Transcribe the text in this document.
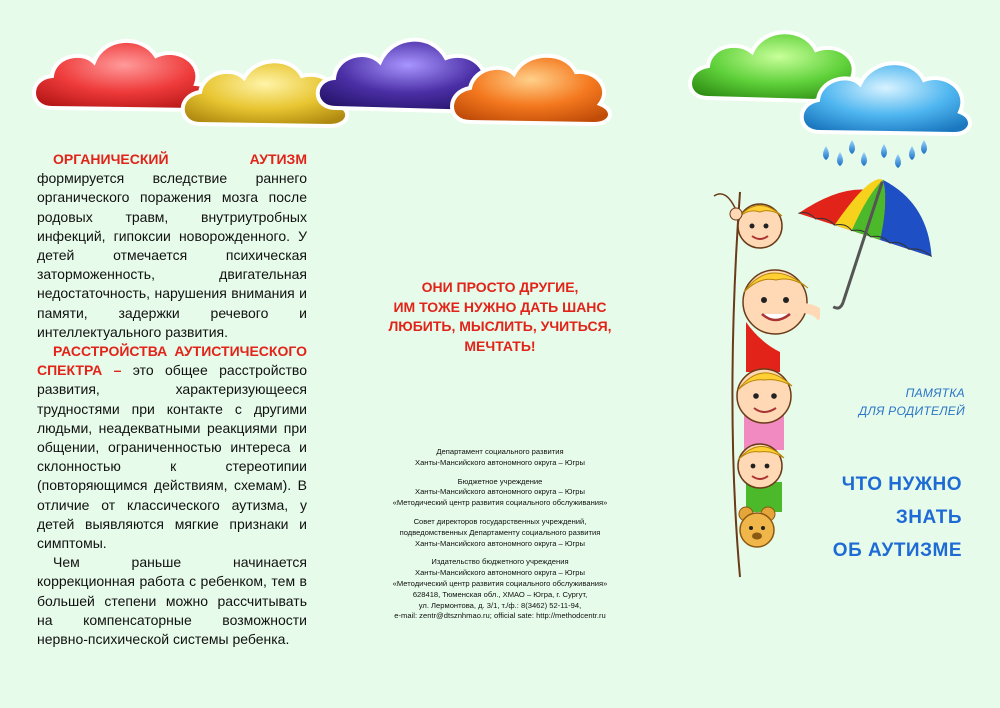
ОРГАНИЧЕСКИЙ АУТИЗМ формируется вследствие раннего органического поражения мозга после родовых травм, внутриутробных инфекций, гипоксии новорожденного. У детей отмечается психическая заторможенность, двигательная недостаточность, нарушения внимания и памяти, задержки речевого и интеллектуального развития.

РАССТРОЙСТВА АУТИСТИЧЕСКОГО СПЕКТРА – это общее расстройство развития, характеризующееся трудностями при контакте с другими людьми, неадекватными реакциями при общении, ограниченностью интереса и склонностью к стереотипии (повторяющимся действиям, схемам). В отличие от классического аутизма, у детей выявляются мягкие признаки и симптомы.

Чем раньше начинается коррекционная работа с ребенком, тем в большей степени можно рассчитывать на компенсаторные возможности нервно-психической системы ребенка.

ОНИ ПРОСТО ДРУГИЕ,
ИМ ТОЖЕ НУЖНО ДАТЬ ШАНС
ЛЮБИТЬ, МЫСЛИТЬ, УЧИТЬСЯ,
МЕЧТАТЬ!
Департамент социального развития
Ханты-Мансийского автономного округа – Югры
Бюджетное учреждение
Ханты-Мансийского автономного округа – Югры
«Методический центр развития социального обслуживания»
Совет директоров государственных учреждений,
подведомственных Департаменту социального развития
Ханты-Мансийского автономного округа – Югры
Издательство бюджетного учреждения
Ханты-Мансийского автономного округа – Югры
«Методический центр развития социального обслуживания»
628418, Тюменская обл., ХМАО – Югра, г. Сургут,
ул. Лермонтова, д. 3/1, т./ф.: 8(3462) 52-11-94,
e-mail: zentr@dtsznhmao.ru; official sate: http://methodcentr.ru
ПАМЯТКА
ДЛЯ РОДИТЕЛЕЙ
ЧТО НУЖНО
ЗНАТЬ
ОБ АУТИЗМЕ
